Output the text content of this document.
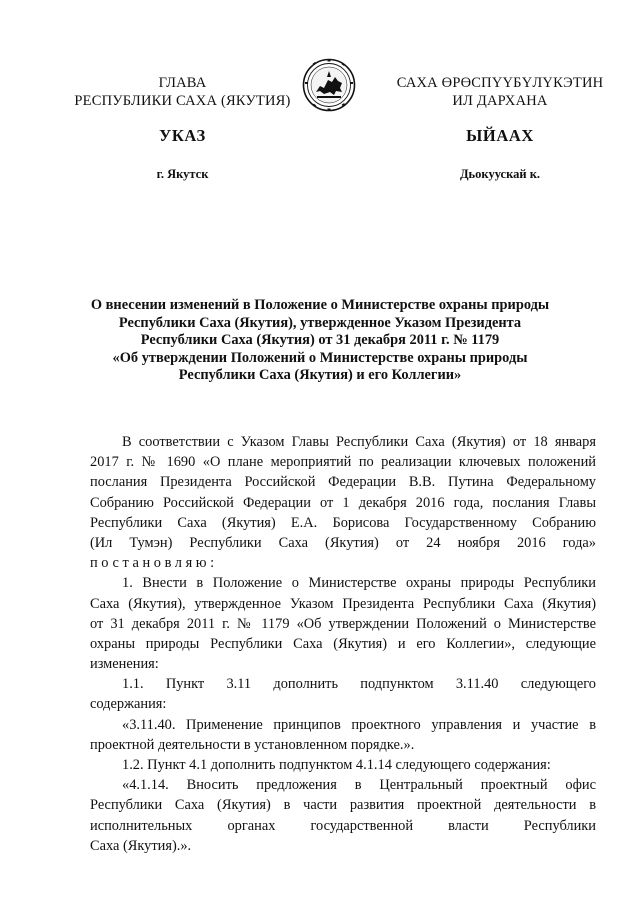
ГЛАВА
РЕСПУБЛИКИ САХА (ЯКУТИЯ)
САХА ӨРӨСПҮҮБҮЛҮКЭТИН
ИЛ ДАРХАНА
УКАЗ	ЫЙААХ
г. Якутск	Дьокуускай к.
О внесении изменений в Положение о Министерстве охраны природы
Республики Саха (Якутия), утвержденное Указом Президента
Республики Саха (Якутия) от 31 декабря 2011 г. № 1179
«Об утверждении Положений о Министерстве охраны природы
Республики Саха (Якутия) и его Коллегии»
В соответствии с Указом Главы Республики Саха (Якутия) от 18 января
2017 г. № 1690 «О плане мероприятий по реализации ключевых положений
послания Президента Российской Федерации В.В. Путина Федеральному
Собранию Российской Федерации от 1 декабря 2016 года, послания Главы
Республики Саха (Якутия) Е.А. Борисова Государственному Собранию
(Ил Тумэн) Республики Саха (Якутия) от 24 ноября 2016 года»
постановляю:
1. Внести в Положение о Министерстве охраны природы Республики
Саха (Якутия), утвержденное Указом Президента Республики Саха (Якутия)
от 31 декабря 2011 г. № 1179 «Об утверждении Положений о Министерстве
охраны природы Республики Саха (Якутия) и его Коллегии», следующие
изменения:
1.1. Пункт 3.11 дополнить подпунктом 3.11.40 следующего
содержания:
«3.11.40. Применение принципов проектного управления и участие в
проектной деятельности в установленном порядке.».
1.2. Пункт 4.1 дополнить подпунктом 4.1.14 следующего содержания:
«4.1.14. Вносить предложения в Центральный проектный офис
Республики Саха (Якутия) в части развития проектной деятельности в
исполнительных органах государственной власти Республики
Саха (Якутия).».
